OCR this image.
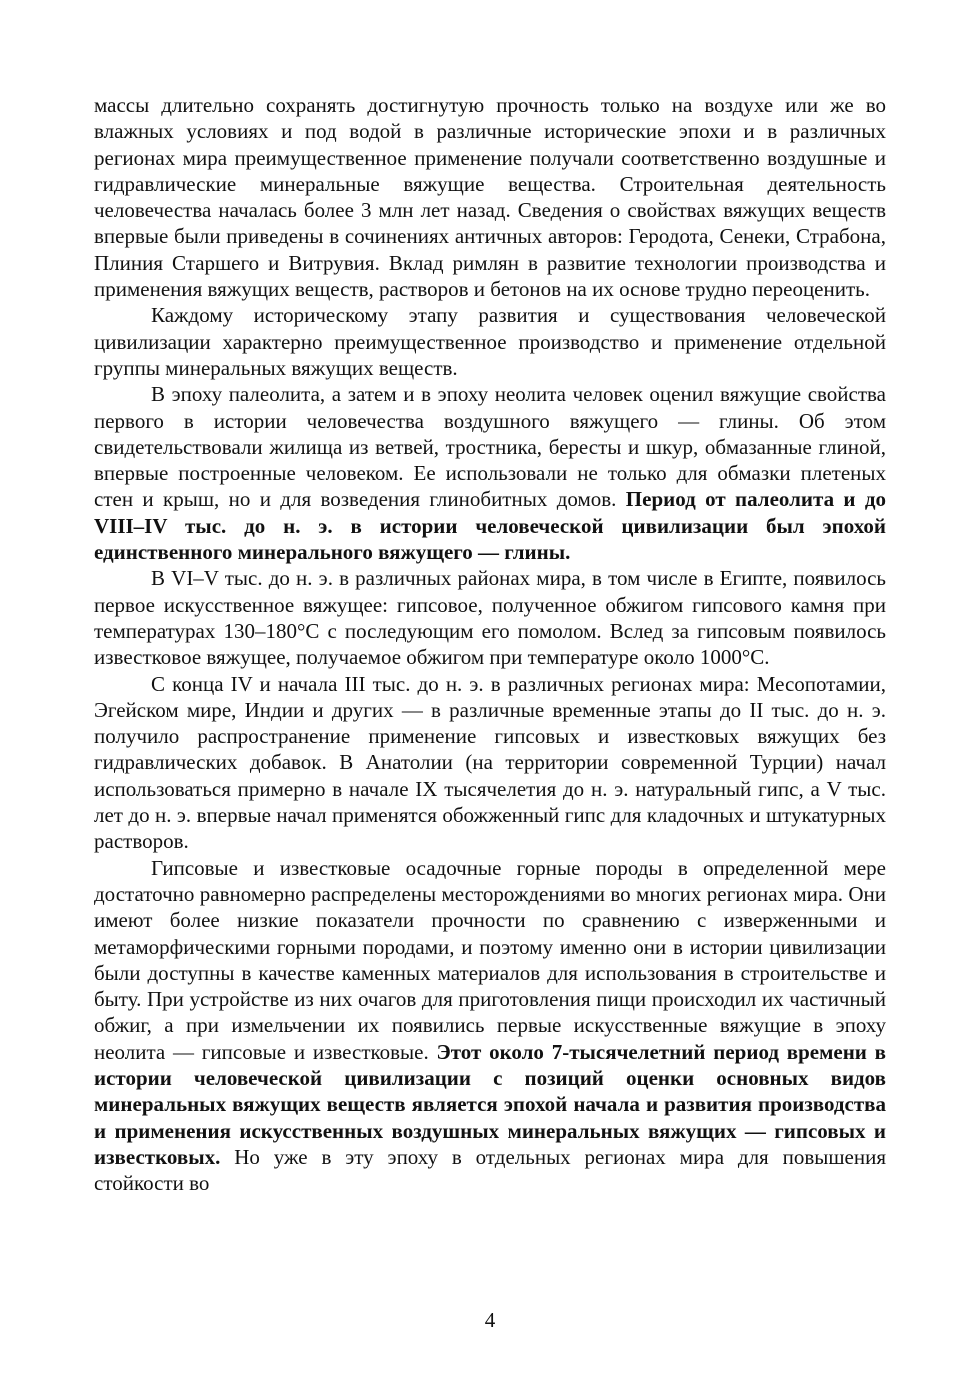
массы длительно сохранять достигнутую прочность только на воздухе или же во влажных условиях и под водой в различные исторические эпохи и в различных регионах мира преимущественное применение получали соответственно воздушные и гидравлические минеральные вяжущие вещества. Строительная деятельность человечества началась более 3 млн лет назад. Сведения о свойствах вяжущих веществ впервые были приведены в сочинениях античных авторов: Геродота, Сенеки, Страбона, Плиния Старшего и Витрувия. Вклад римлян в развитие технологии производства и применения вяжущих веществ, растворов и бетонов на их основе трудно переоценить.

Каждому историческому этапу развития и существования человеческой цивилизации характерно преимущественное производство и применение отдельной группы минеральных вяжущих веществ.

В эпоху палеолита, а затем и в эпоху неолита человек оценил вяжущие свойства первого в истории человечества воздушного вяжущего — глины. Об этом свидетельствовали жилища из ветвей, тростника, бересты и шкур, обмазанные глиной, впервые построенные человеком. Ее использовали не только для обмазки плетеных стен и крыш, но и для возведения глинобитных домов. Период от палеолита и до VIII–IV тыс. до н. э. в истории человеческой цивилизации был эпохой единственного минерального вяжущего — глины.

В VI–V тыс. до н. э. в различных районах мира, в том числе в Египте, появилось первое искусственное вяжущее: гипсовое, полученное обжигом гипсового камня при температурах 130–180°С с последующим его помолом. Вслед за гипсовым появилось известковое вяжущее, получаемое обжигом при температуре около 1000°С.

С конца IV и начала III тыс. до н. э. в различных регионах мира: Месопотамии, Эгейском мире, Индии и других — в различные временные этапы до II тыс. до н. э. получило распространение применение гипсовых и известковых вяжущих без гидравлических добавок. В Анатолии (на территории современной Турции) начал использоваться примерно в начале IX тысячелетия до н. э. натуральный гипс, а V тыс. лет до н. э. впервые начал применятся обожженный гипс для кладочных и штукатурных растворов.

Гипсовые и известковые осадочные горные породы в определенной мере достаточно равномерно распределены месторождениями во многих регионах мира. Они имеют более низкие показатели прочности по сравнению с изверженными и метаморфическими горными породами, и поэтому именно они в истории цивилизации были доступны в качестве каменных материалов для использования в строительстве и быту. При устройстве из них очагов для приготовления пищи происходил их частичный обжиг, а при измельчении их появились первые искусственные вяжущие в эпоху неолита — гипсовые и известковые. Этот около 7-тысячелетний период времени в истории человеческой цивилизации с позиций оценки основных видов минеральных вяжущих веществ является эпохой начала и развития производства и применения искусственных воздушных минеральных вяжущих — гипсовых и известковых. Но уже в эту эпоху в отдельных регионах мира для повышения стойкости во

4
